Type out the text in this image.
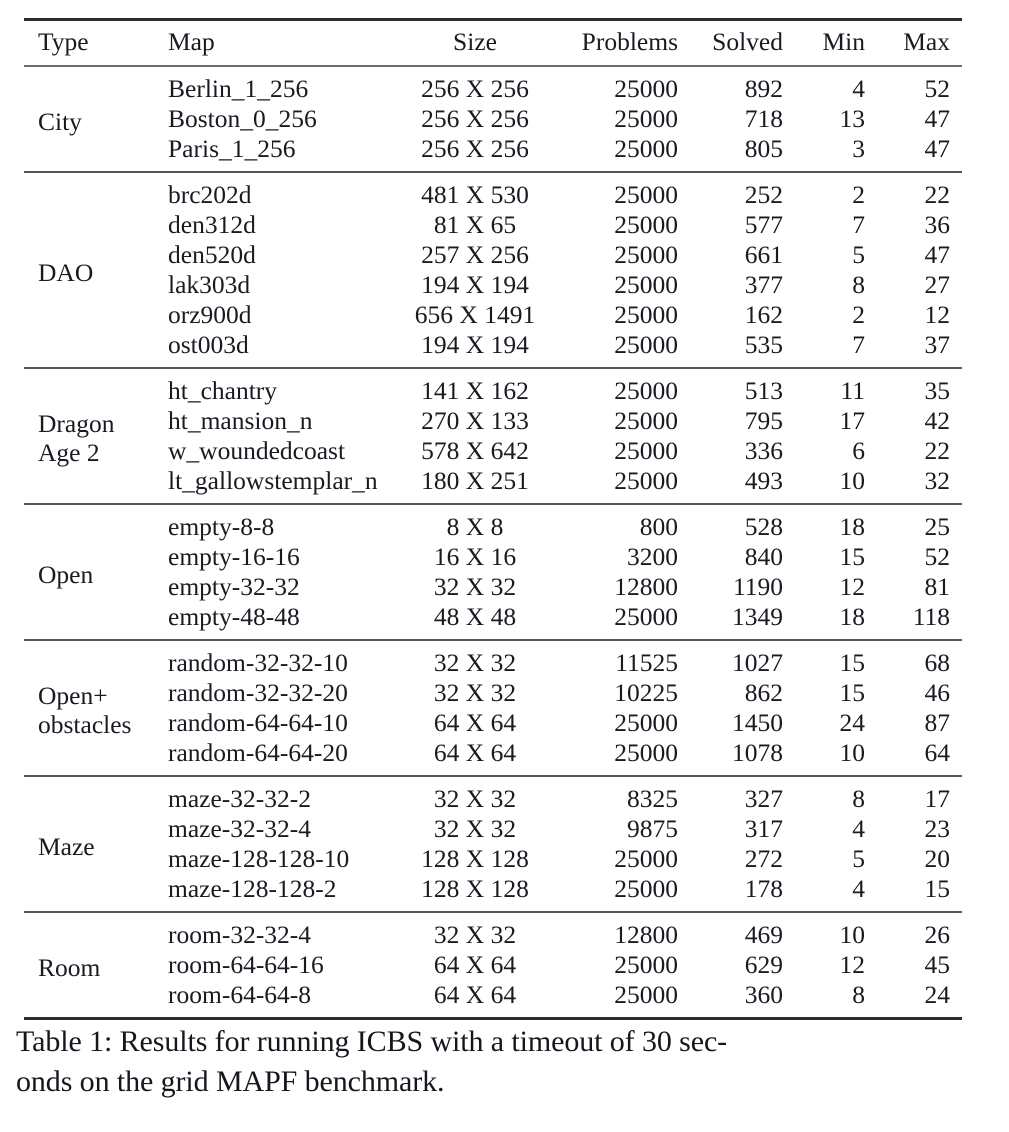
Type	Map	Size	Problems	Solved	Min	Max

City	Berlin_1_256	256 X 256	25000	892	4	52
	Boston_0_256	256 X 256	25000	718	13	47
	Paris_1_256	256 X 256	25000	805	3	47

DAO	brc202d	481 X 530	25000	252	2	22
	den312d	81 X 65	25000	577	7	36
	den520d	257 X 256	25000	661	5	47
	lak303d	194 X 194	25000	377	8	27
	orz900d	656 X 1491	25000	162	2	12
	ost003d	194 X 194	25000	535	7	37

Dragon
Age 2	ht_chantry	141 X 162	25000	513	11	35
	ht_mansion_n	270 X 133	25000	795	17	42
	w_woundedcoast	578 X 642	25000	336	6	22
	lt_gallowstemplar_n	180 X 251	25000	493	10	32

Open	empty-8-8	8 X 8	800	528	18	25
	empty-16-16	16 X 16	3200	840	15	52
	empty-32-32	32 X 32	12800	1190	12	81
	empty-48-48	48 X 48	25000	1349	18	118

Open+
obstacles	random-32-32-10	32 X 32	11525	1027	15	68
	random-32-32-20	32 X 32	10225	862	15	46
	random-64-64-10	64 X 64	25000	1450	24	87
	random-64-64-20	64 X 64	25000	1078	10	64

Maze	maze-32-32-2	32 X 32	8325	327	8	17
	maze-32-32-4	32 X 32	9875	317	4	23
	maze-128-128-10	128 X 128	25000	272	5	20
	maze-128-128-2	128 X 128	25000	178	4	15

Room	room-32-32-4	32 X 32	12800	469	10	26
	room-64-64-16	64 X 64	25000	629	12	45
	room-64-64-8	64 X 64	25000	360	8	24
Table 1: Results for running ICBS with a timeout of 30 sec-
onds on the grid MAPF benchmark.
